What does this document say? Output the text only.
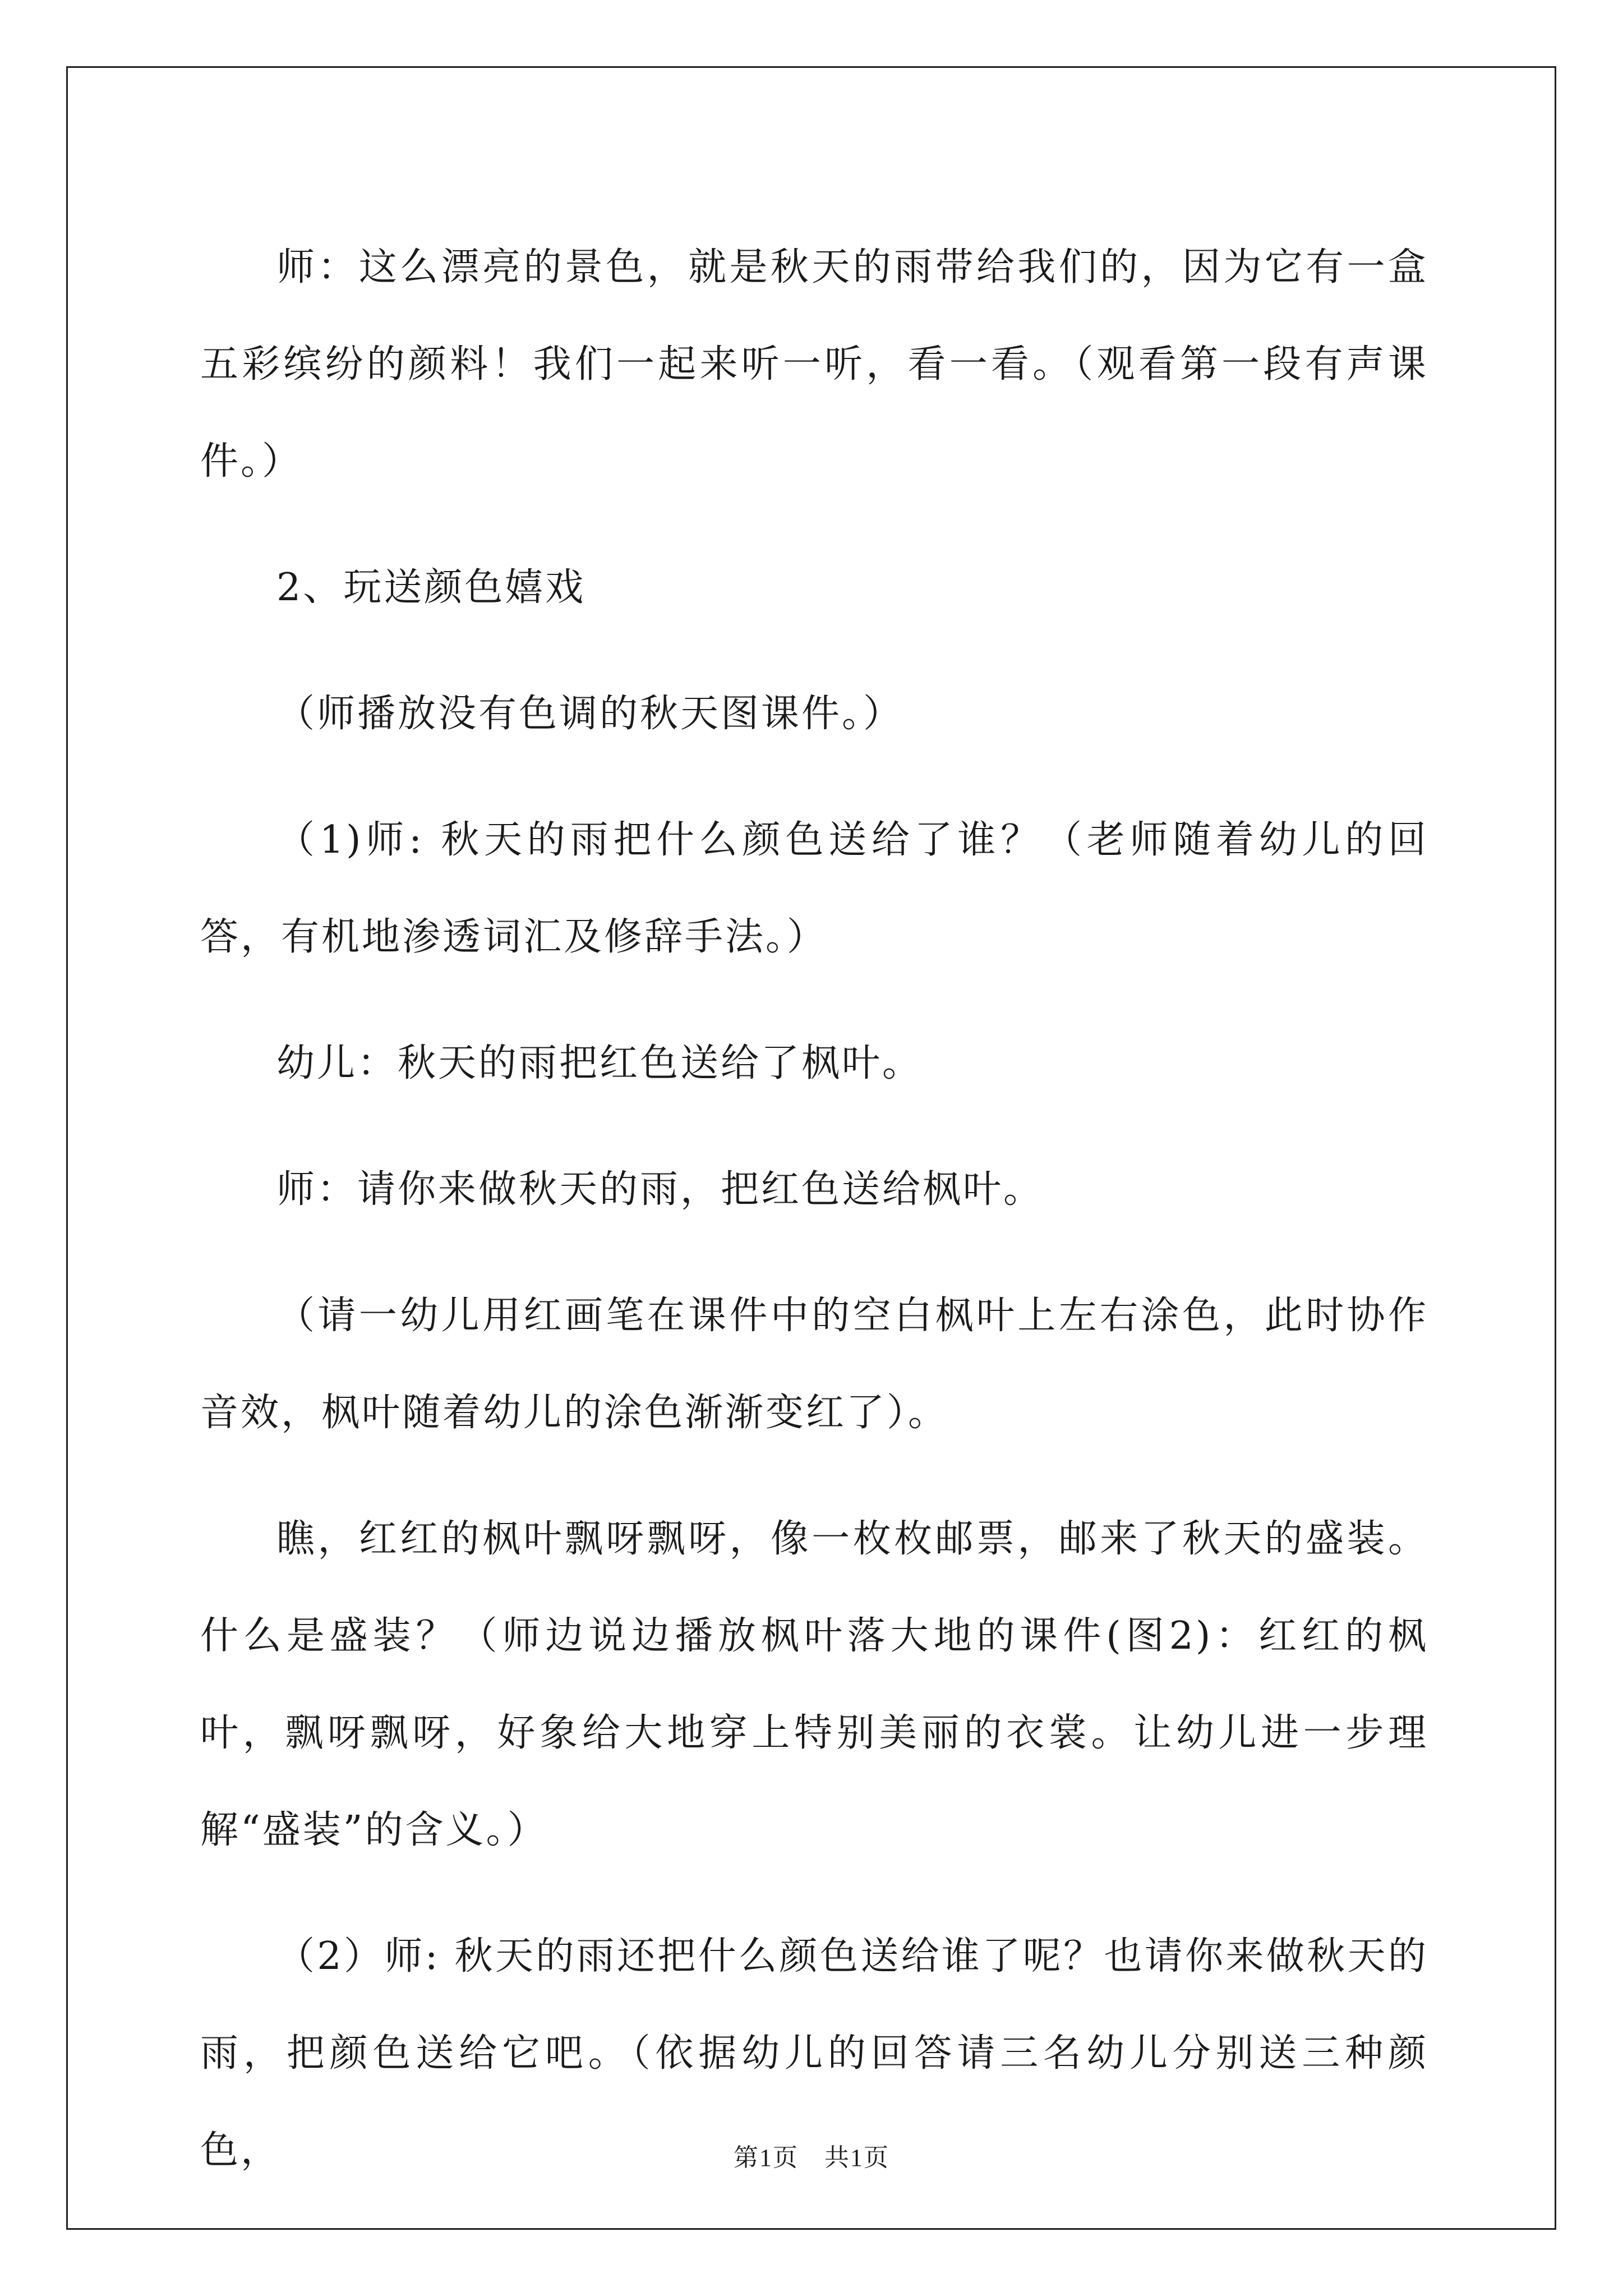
师：这么漂亮的景色，就是秋天的雨带给我们的，因为它有一盒五彩缤纷的颜料！我们一起来听一听，看一看。（观看第一段有声课件。）

2、玩送颜色嬉戏

（师播放没有色调的秋天图课件。）

（1)师: 秋天的雨把什么颜色送给了谁？（老师随着幼儿的回答，有机地渗透词汇及修辞手法。）

幼儿：秋天的雨把红色送给了枫叶。

师：请你来做秋天的雨，把红色送给枫叶。

（请一幼儿用红画笔在课件中的空白枫叶上左右涂色，此时协作音效，枫叶随着幼儿的涂色渐渐变红了）。

瞧，红红的枫叶飘呀飘呀，像一枚枚邮票，邮来了秋天的盛装。什么是盛装？（师边说边播放枫叶落大地的课件(图2)：红红的枫叶，飘呀飘呀，好象给大地穿上特别美丽的衣裳。让幼儿进一步理解“盛装”的含义。）

（2）师: 秋天的雨还把什么颜色送给谁了呢？也请你来做秋天的雨，把颜色送给它吧。（依据幼儿的回答请三名幼儿分别送三种颜色，	第1页　共1页
